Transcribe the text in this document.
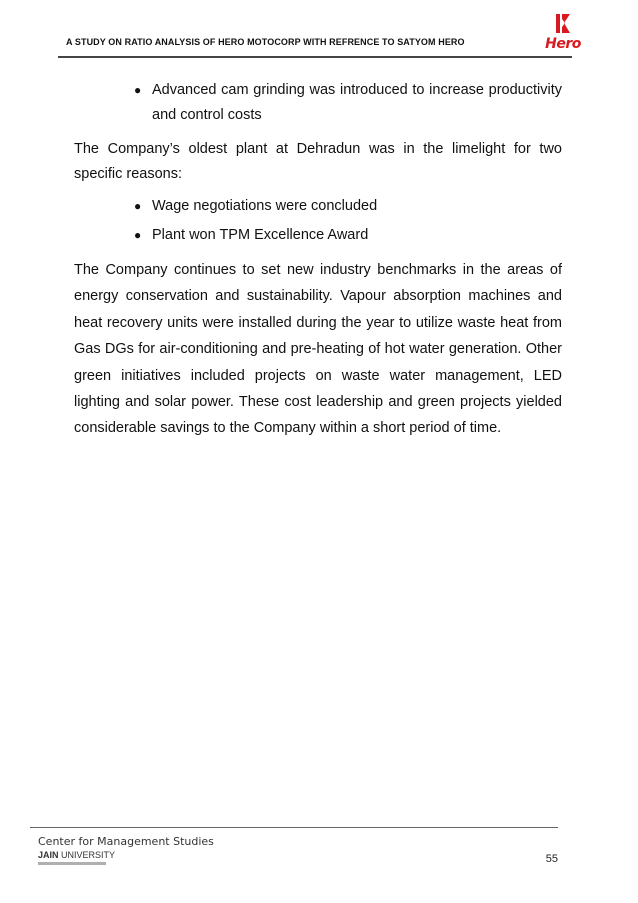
A STUDY ON RATIO ANALYSIS OF HERO MOTOCORP WITH REFRENCE TO SATYOM HERO	Hero
● Advanced cam grinding was introduced to increase productivity and control costs

The Company’s oldest plant at Dehradun was in the limelight for two specific reasons:

● Wage negotiations were concluded
● Plant won TPM Excellence Award

The Company continues to set new industry benchmarks in the areas of energy conservation and sustainability. Vapour absorption machines and heat recovery units were installed during the year to utilize waste heat from Gas DGs for air-conditioning and pre-heating of hot water generation. Other green initiatives included projects on waste water management, LED lighting and solar power. These cost leadership and green projects yielded considerable savings to the Company within a short period of time.

Center for Management Studies
JAIN UNIVERSITY	55
